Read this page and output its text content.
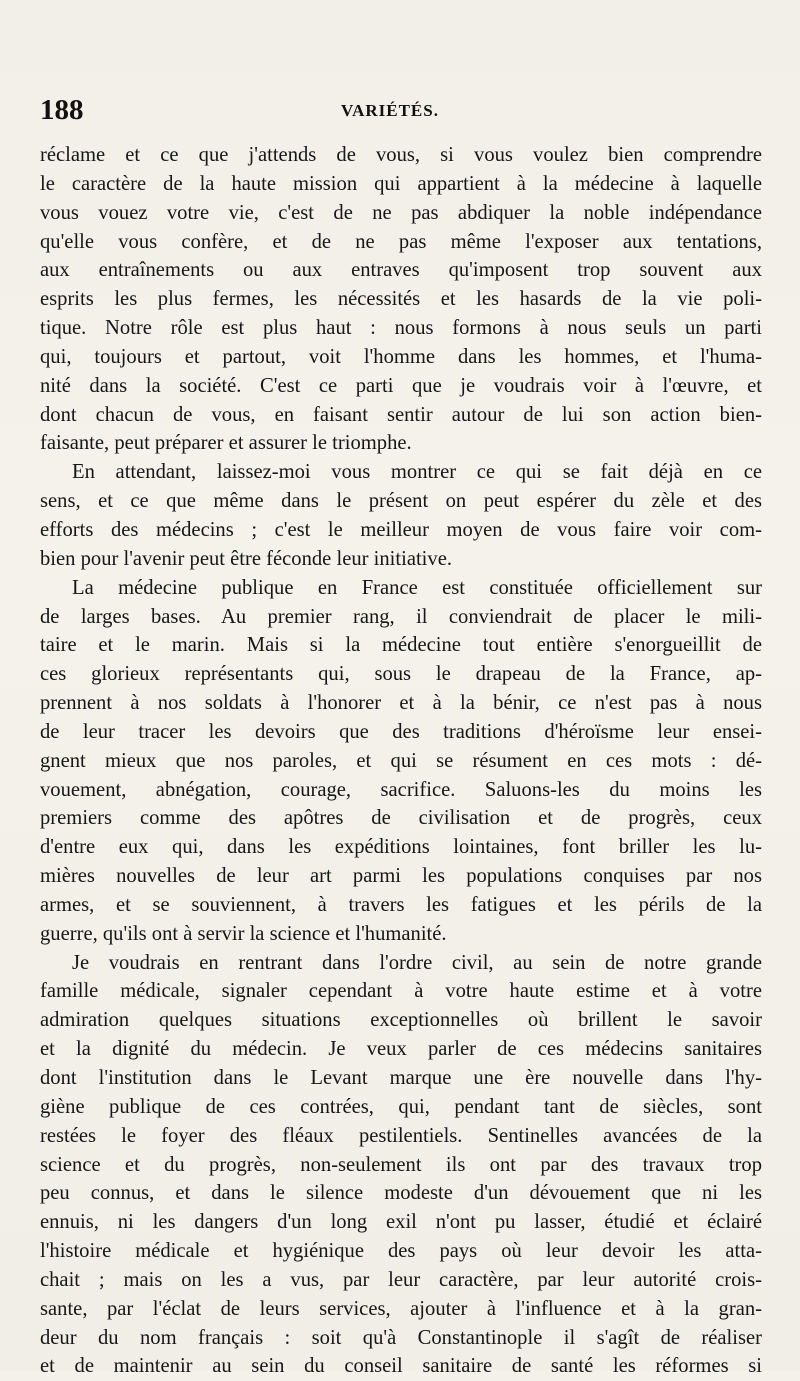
188	VARIÉTÉS.
réclame et ce que j'attends de vous, si vous voulez bien comprendre
le caractère de la haute mission qui appartient à la médecine à laquelle
vous vouez votre vie, c'est de ne pas abdiquer la noble indépendance
qu'elle vous confère, et de ne pas même l'exposer aux tentations,
aux entraînements ou aux entraves qu'imposent trop souvent aux
esprits les plus fermes, les nécessités et les hasards de la vie poli-
tique. Notre rôle est plus haut : nous formons à nous seuls un parti
qui, toujours et partout, voit l'homme dans les hommes, et l'huma-
nité dans la société. C'est ce parti que je voudrais voir à l'œuvre, et
dont chacun de vous, en faisant sentir autour de lui son action bien-
faisante, peut préparer et assurer le triomphe.
En attendant, laissez-moi vous montrer ce qui se fait déjà en ce
sens, et ce que même dans le présent on peut espérer du zèle et des
efforts des médecins ; c'est le meilleur moyen de vous faire voir com-
bien pour l'avenir peut être féconde leur initiative.
La médecine publique en France est constituée officiellement sur
de larges bases. Au premier rang, il conviendrait de placer le mili-
taire et le marin. Mais si la médecine tout entière s'enorgueillit de
ces glorieux représentants qui, sous le drapeau de la France, ap-
prennent à nos soldats à l'honorer et à la bénir, ce n'est pas à nous
de leur tracer les devoirs que des traditions d'héroïsme leur ensei-
gnent mieux que nos paroles, et qui se résument en ces mots : dé-
vouement, abnégation, courage, sacrifice. Saluons-les du moins les
premiers comme des apôtres de civilisation et de progrès, ceux
d'entre eux qui, dans les expéditions lointaines, font briller les lu-
mières nouvelles de leur art parmi les populations conquises par nos
armes, et se souviennent, à travers les fatigues et les périls de la
guerre, qu'ils ont à servir la science et l'humanité.
Je voudrais en rentrant dans l'ordre civil, au sein de notre grande
famille médicale, signaler cependant à votre haute estime et à votre
admiration quelques situations exceptionnelles où brillent le savoir
et la dignité du médecin. Je veux parler de ces médecins sanitaires
dont l'institution dans le Levant marque une ère nouvelle dans l'hy-
giène publique de ces contrées, qui, pendant tant de siècles, sont
restées le foyer des fléaux pestilentiels. Sentinelles avancées de la
science et du progrès, non-seulement ils ont par des travaux trop
peu connus, et dans le silence modeste d'un dévouement que ni les
ennuis, ni les dangers d'un long exil n'ont pu lasser, étudié et éclairé
l'histoire médicale et hygiénique des pays où leur devoir les atta-
chait ; mais on les a vus, par leur caractère, par leur autorité crois-
sante, par l'éclat de leurs services, ajouter à l'influence et à la gran-
deur du nom français : soit qu'à Constantinople il s'agît de réaliser
et de maintenir au sein du conseil sanitaire de santé les réformes si
